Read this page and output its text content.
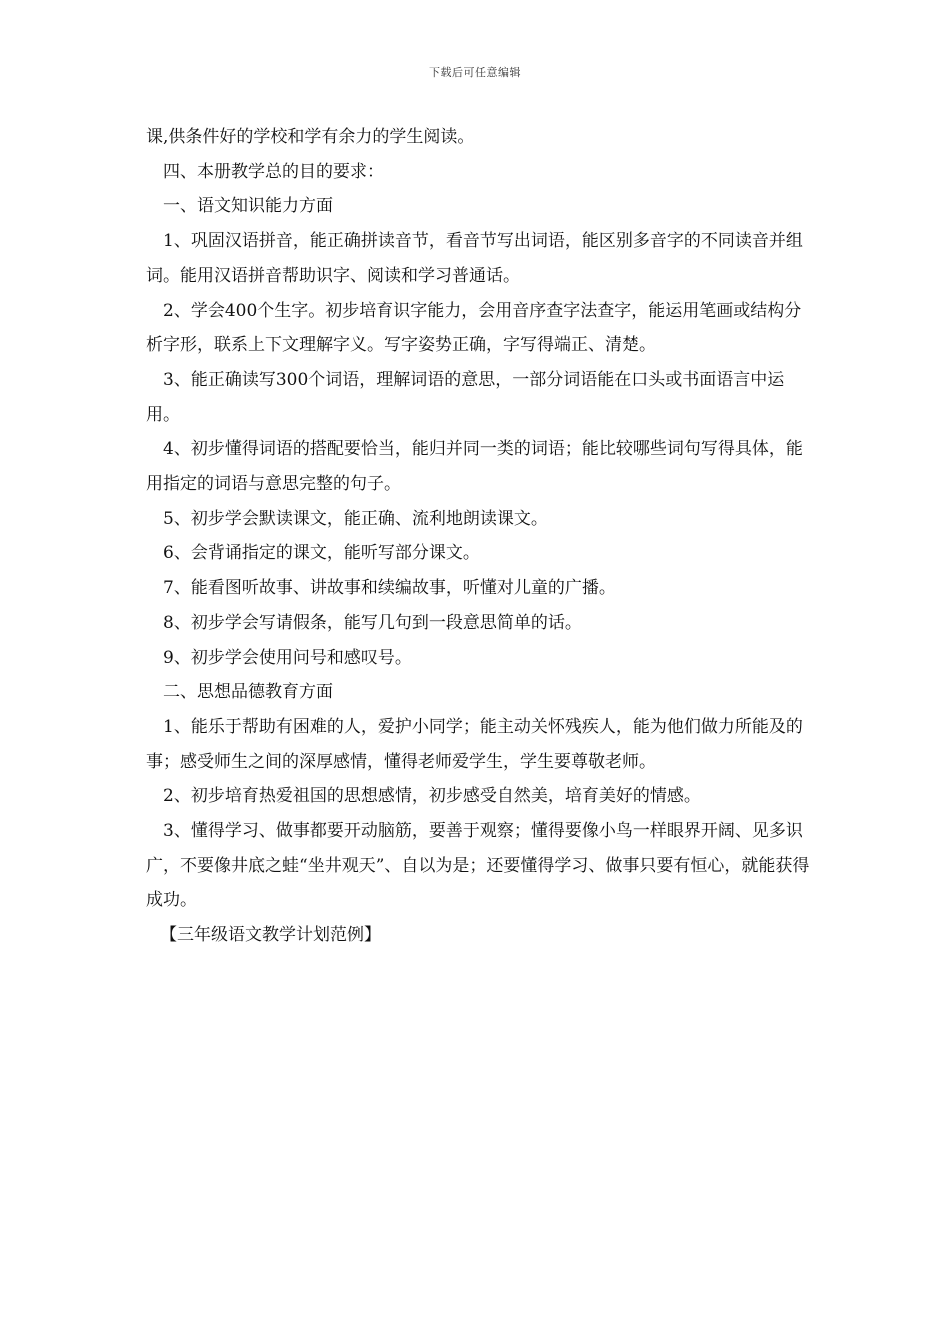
下载后可任意编辑

课,供条件好的学校和学有余力的学生阅读。

四、本册教学总的目的要求：

一、语文知识能力方面

1、巩固汉语拼音，能正确拼读音节，看音节写出词语，能区别多音字的不同读音并组词。能用汉语拼音帮助识字、阅读和学习普通话。

2、学会400个生字。初步培育识字能力，会用音序查字法查字，能运用笔画或结构分析字形，联系上下文理解字义。写字姿势正确，字写得端正、清楚。

3、能正确读写300个词语，理解词语的意思，一部分词语能在口头或书面语言中运用。

4、初步懂得词语的搭配要恰当，能归并同一类的词语；能比较哪些词句写得具体，能用指定的词语与意思完整的句子。

5、初步学会默读课文，能正确、流利地朗读课文。

6、会背诵指定的课文，能听写部分课文。

7、能看图听故事、讲故事和续编故事，听懂对儿童的广播。

8、初步学会写请假条，能写几句到一段意思简单的话。

9、初步学会使用问号和感叹号。

二、思想品德教育方面

1、能乐于帮助有困难的人，爱护小同学；能主动关怀残疾人，能为他们做力所能及的事；感受师生之间的深厚感情，懂得老师爱学生，学生要尊敬老师。

2、初步培育热爱祖国的思想感情，初步感受自然美，培育美好的情感。

3、懂得学习、做事都要开动脑筋，要善于观察；懂得要像小鸟一样眼界开阔、见多识广，不要像井底之蛙“坐井观天”、自以为是；还要懂得学习、做事只要有恒心，就能获得成功。

【三年级语文教学计划范例】
